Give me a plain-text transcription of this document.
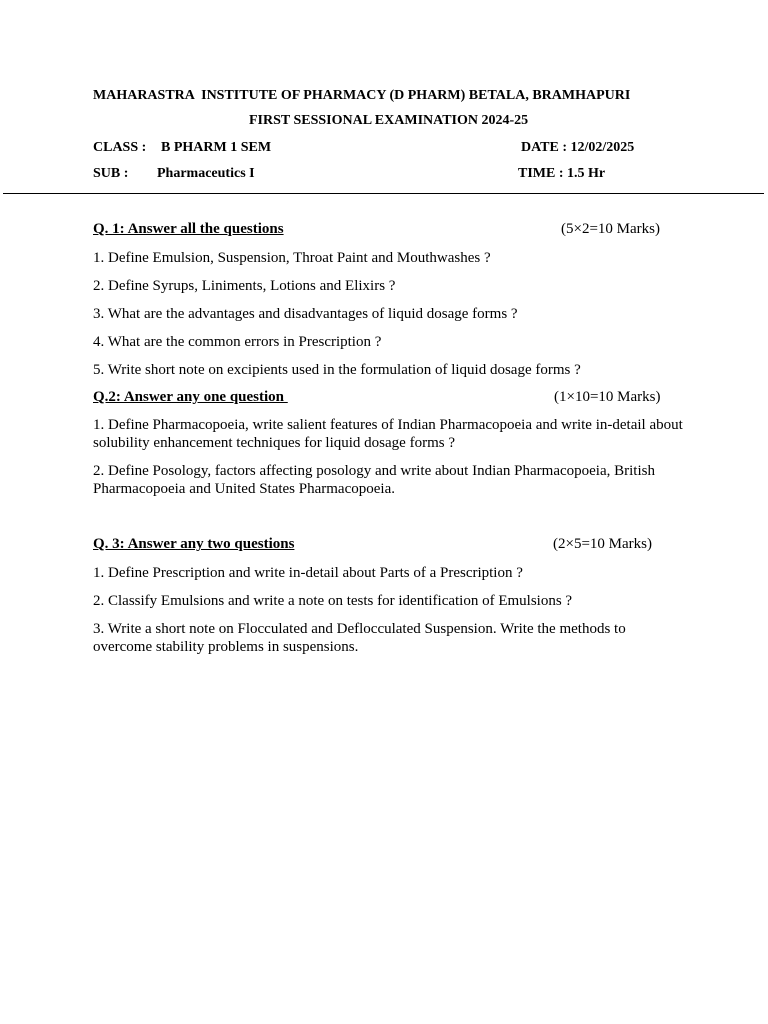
MAHARASTRA  INSTITUTE OF PHARMACY (D PHARM) BETALA, BRAMHAPURI
FIRST SESSIONAL EXAMINATION 2024-25
CLASS : B PHARM 1 SEM	DATE : 12/02/2025
SUB : Pharmaceutics I	TIME : 1.5 Hr
Q. 1: Answer all the questions	(5×2=10 Marks)
1. Define Emulsion, Suspension, Throat Paint and Mouthwashes ?
2. Define Syrups, Liniments, Lotions and Elixirs ?
3. What are the advantages and disadvantages of liquid dosage forms ?
4. What are the common errors in Prescription ?
5. Write short note on excipients used in the formulation of liquid dosage forms ?
Q.2: Answer any one question	(1×10=10 Marks)
1. Define Pharmacopoeia, write salient features of Indian Pharmacopoeia and write in-detail about solubility enhancement techniques for liquid dosage forms ?
2. Define Posology, factors affecting posology and write about Indian Pharmacopoeia, British Pharmacopoeia and United States Pharmacopoeia.
Q. 3: Answer any two questions	(2×5=10 Marks)
1. Define Prescription and write in-detail about Parts of a Prescription ?
2. Classify Emulsions and write a note on tests for identification of Emulsions ?
3. Write a short note on Flocculated and Deflocculated Suspension. Write the methods to overcome stability problems in suspensions.
